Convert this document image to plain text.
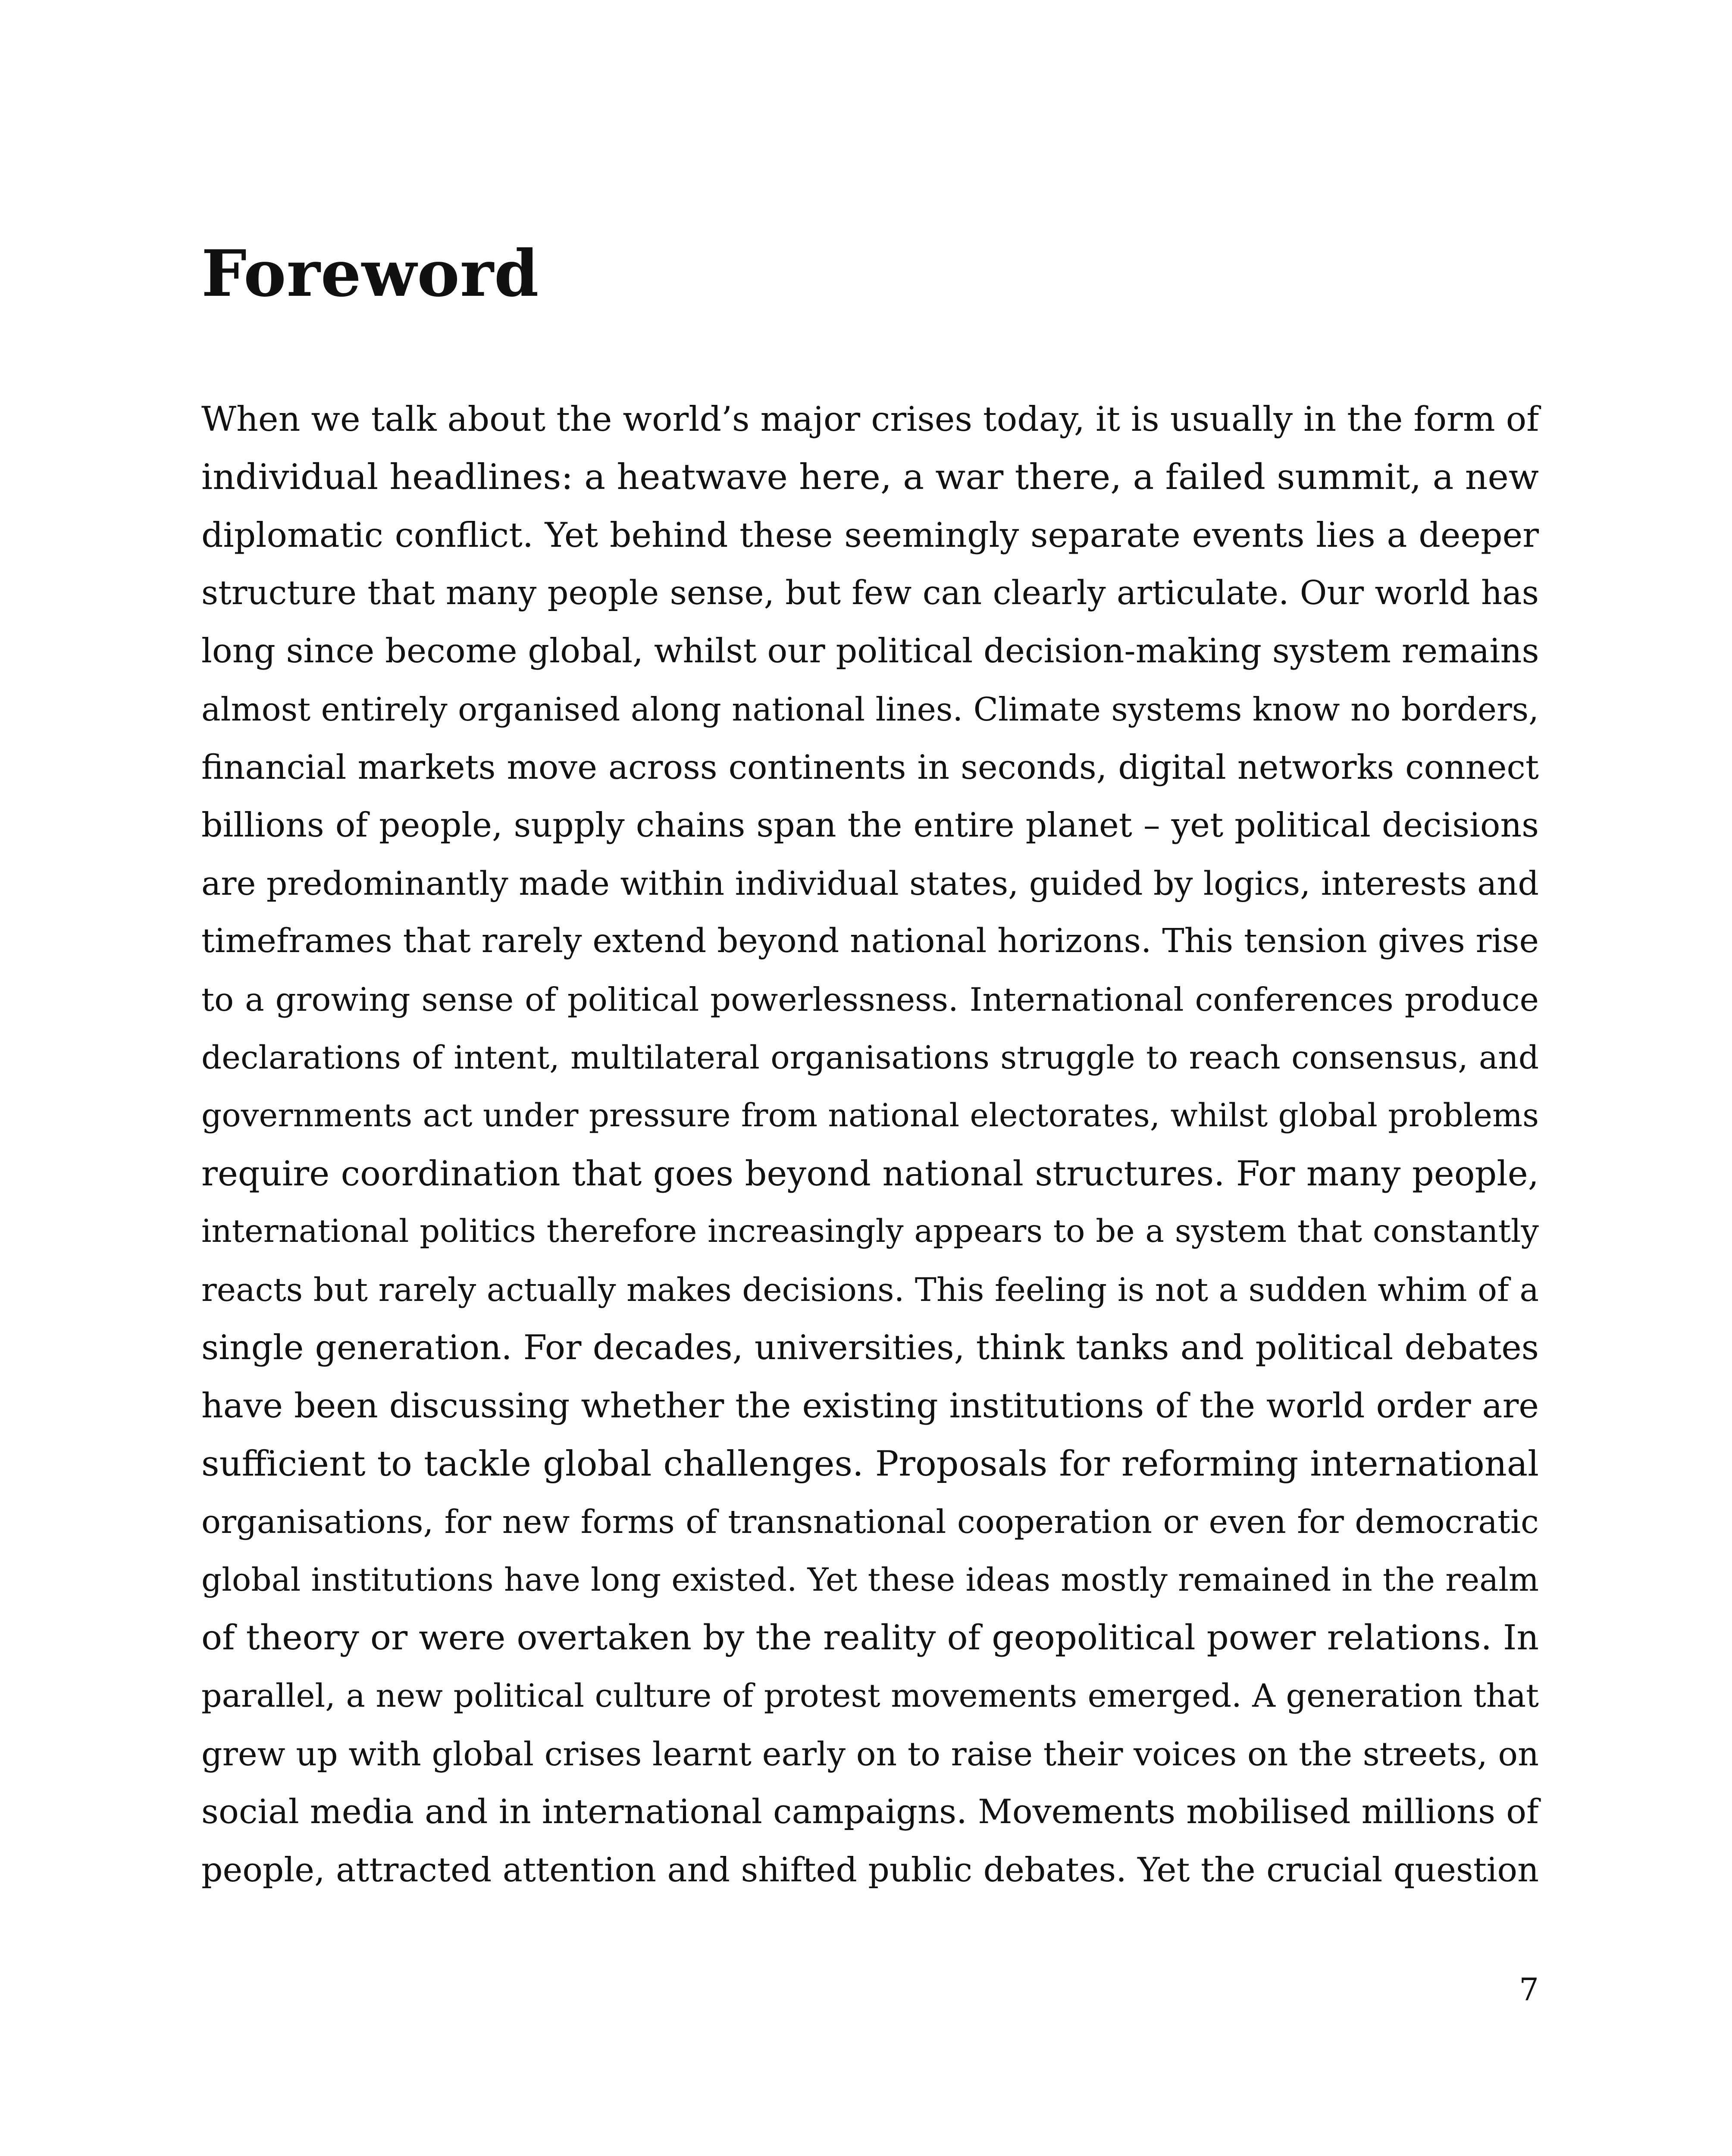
Foreword
When we talk about the world’s major crises today, it is usually in the form of
individual headlines: a heatwave here, a war there, a failed summit, a new
diplomatic conflict. Yet behind these seemingly separate events lies a deeper
structure that many people sense, but few can clearly articulate. Our world has
long since become global, whilst our political decision-making system remains
almost entirely organised along national lines. Climate systems know no borders,
financial markets move across continents in seconds, digital networks connect
billions of people, supply chains span the entire planet – yet political decisions
are predominantly made within individual states, guided by logics, interests and
timeframes that rarely extend beyond national horizons. This tension gives rise
to a growing sense of political powerlessness. International conferences produce
declarations of intent, multilateral organisations struggle to reach consensus, and
governments act under pressure from national electorates, whilst global problems
require coordination that goes beyond national structures. For many people,
international politics therefore increasingly appears to be a system that constantly
reacts but rarely actually makes decisions. This feeling is not a sudden whim of a
single generation. For decades, universities, think tanks and political debates
have been discussing whether the existing institutions of the world order are
sufficient to tackle global challenges. Proposals for reforming international
organisations, for new forms of transnational cooperation or even for democratic
global institutions have long existed. Yet these ideas mostly remained in the realm
of theory or were overtaken by the reality of geopolitical power relations. In
parallel, a new political culture of protest movements emerged. A generation that
grew up with global crises learnt early on to raise their voices on the streets, on
social media and in international campaigns. Movements mobilised millions of
people, attracted attention and shifted public debates. Yet the crucial question
7
